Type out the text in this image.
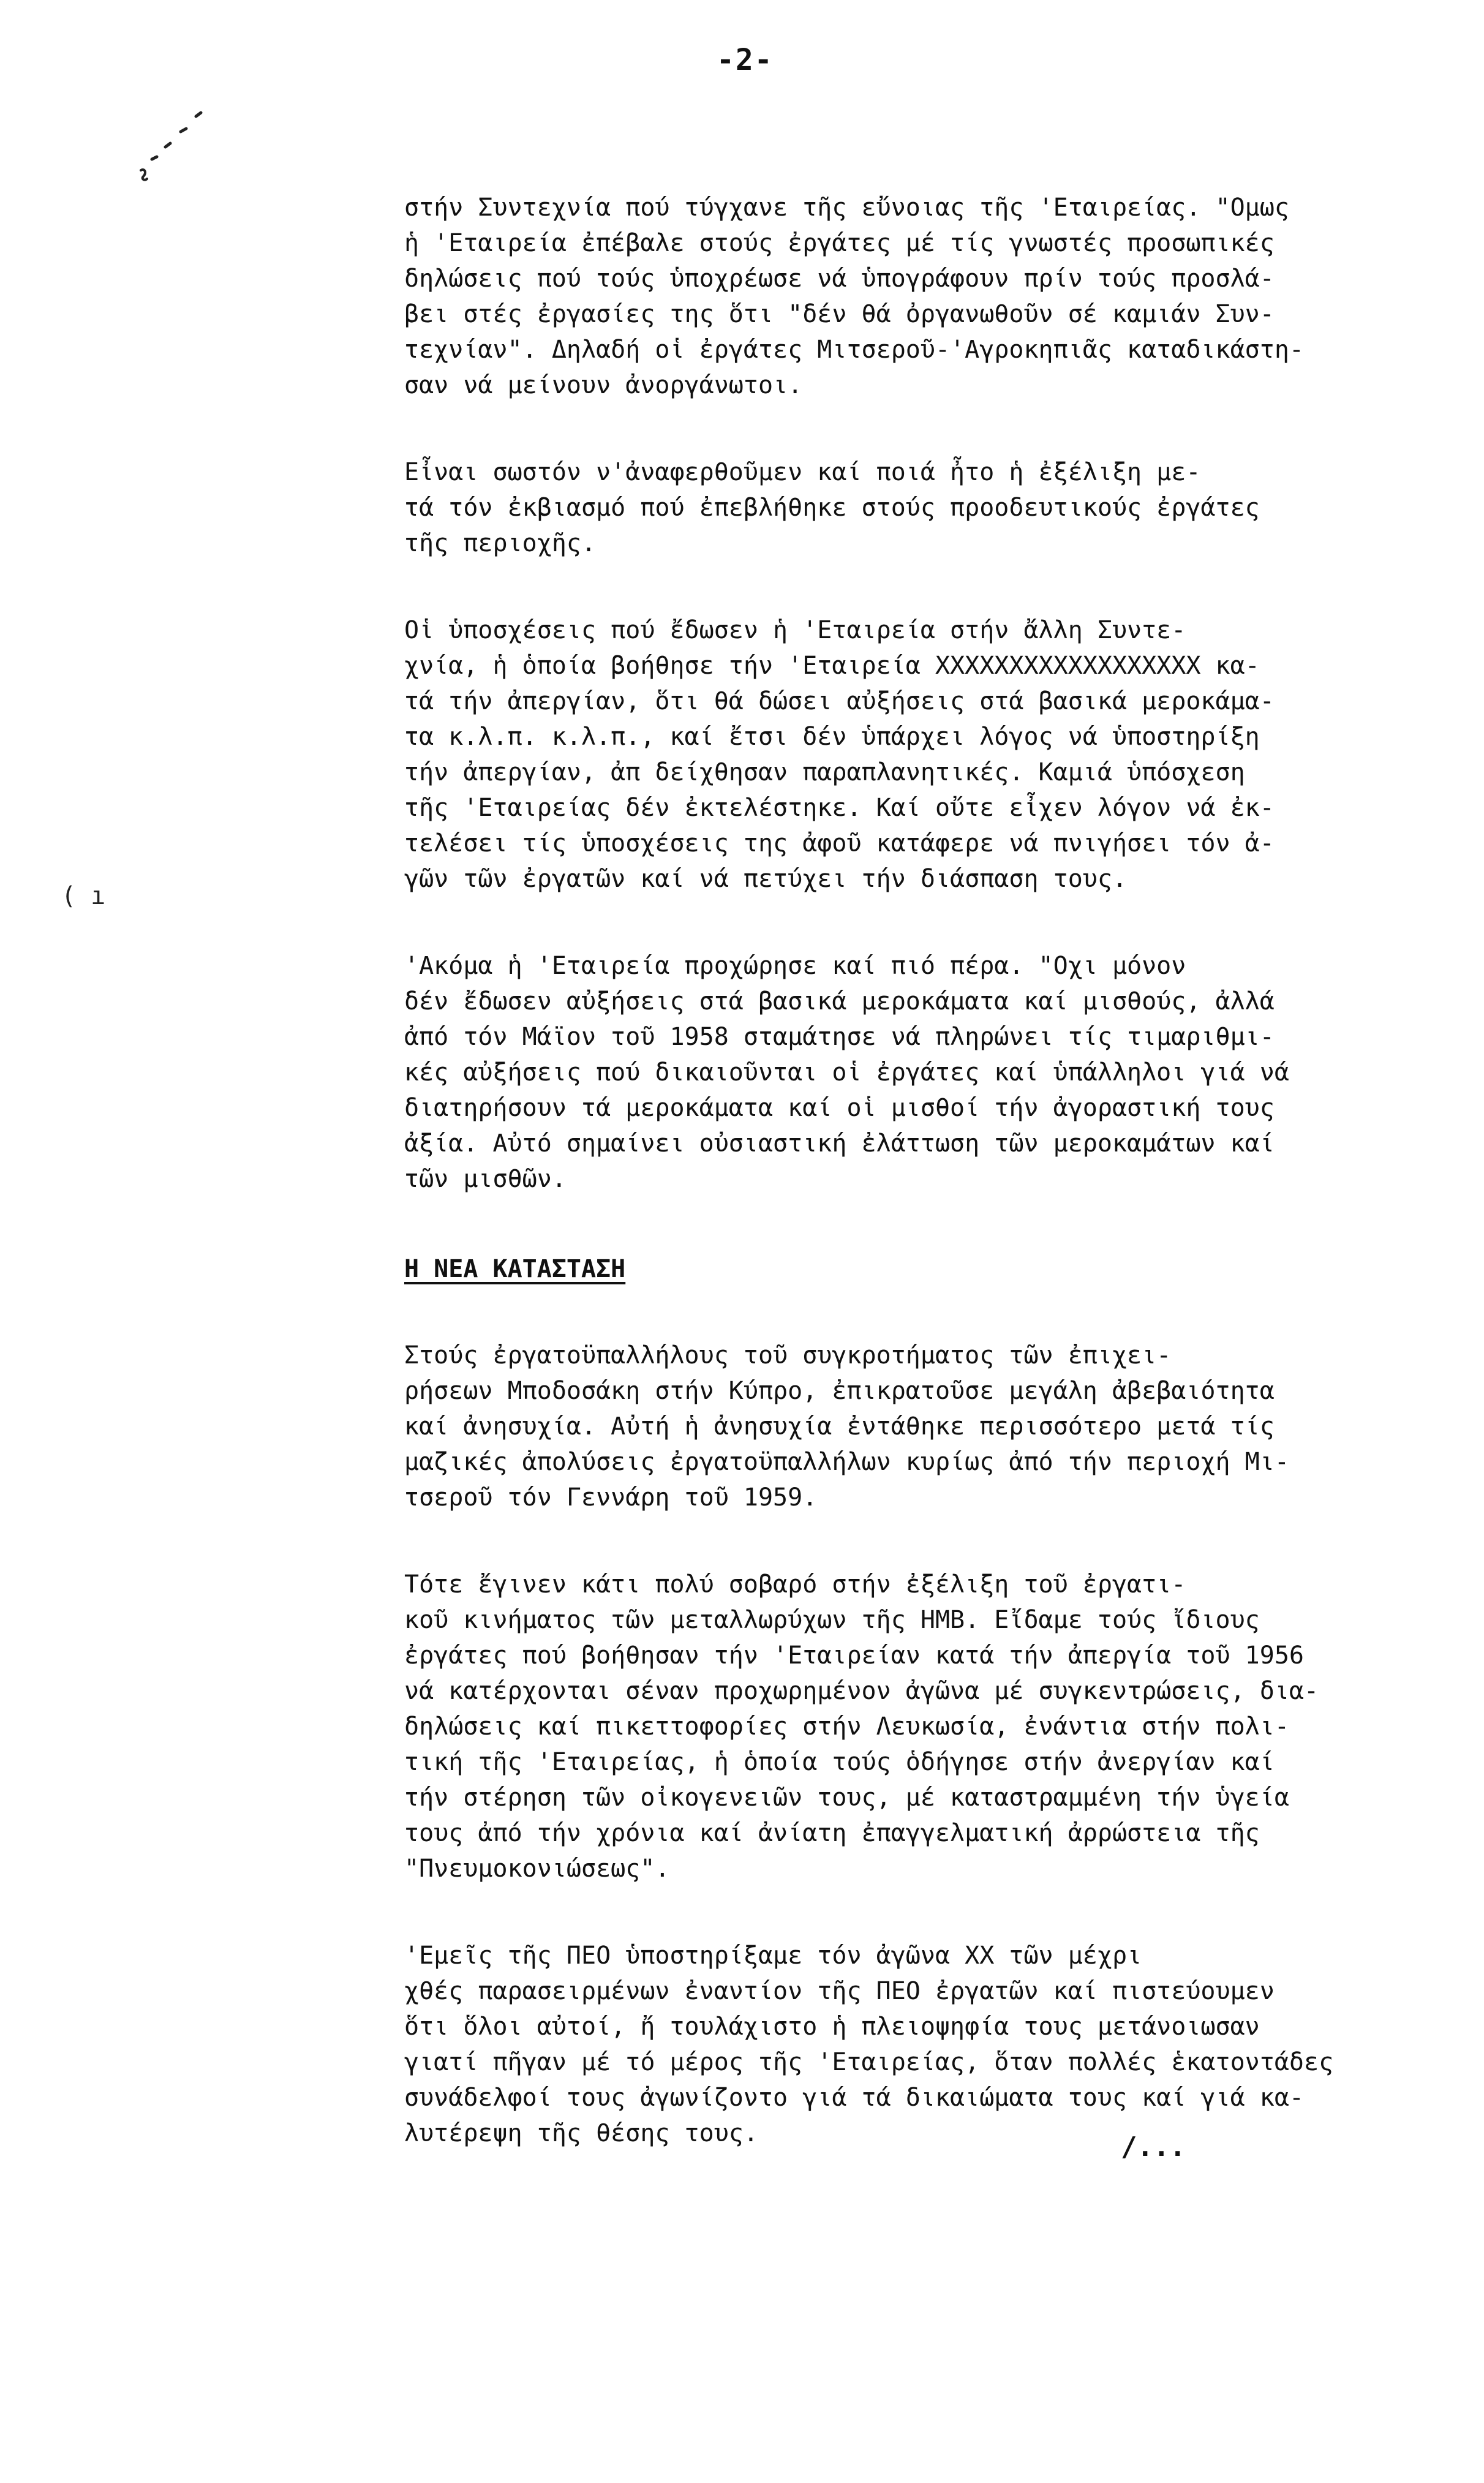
-2-
( ı

στήν Συντεχνία πού τύγχανε τῆς εὔνοιας τῆς 'Εταιρείας. "Ομως
ἡ 'Εταιρεία ἐπέβαλε στούς ἐργάτες μέ τίς γνωστές προσωπικές
δηλώσεις πού τούς ὑποχρέωσε νά ὑπογράφουν πρίν τούς προσλά-
βει στές ἐργασίες της ὅτι "δέν θά ὀργανωθοῦν σέ καμιάν Συν-
τεχνίαν". Δηλαδή οἱ ἐργάτες Μιτσεροῦ-'Αγροκηπιᾶς καταδικάστη-
σαν νά μείνουν ἀνοργάνωτοι.

Εἶναι σωστόν ν'ἀναφερθοῦμεν καί ποιά ἦτο ἡ ἐξέλιξη με-
τά τόν ἐκβιασμό πού ἐπεβλήθηκε στούς προοδευτικούς ἐργάτες
τῆς περιοχῆς.

Οἱ ὑποσχέσεις πού ἔδωσεν ἡ 'Εταιρεία στήν ἄλλη Συντε-
χνία, ἡ ὁποία βοήθησε τήν 'Εταιρεία XXXXXXXXXXXXXXXXXX κα-
τά τήν ἀπεργίαν, ὅτι θά δώσει αὐξήσεις στά βασικά μεροκάμα-
τα κ.λ.π. κ.λ.π., καί ἔτσι δέν ὑπάρχει λόγος νά ὑποστηρίξη
τήν ἀπεργίαν, ἀπ δείχθησαν παραπλανητικές. Καμιά ὑπόσχεση
τῆς 'Εταιρείας δέν ἐκτελέστηκε. Καί οὔτε εἶχεν λόγον νά ἐκ-
τελέσει τίς ὑποσχέσεις της ἀφοῦ κατάφερε νά πνιγήσει τόν ἀ-
γῶν τῶν ἐργατῶν καί νά πετύχει τήν διάσπαση τους.

'Ακόμα ἡ 'Εταιρεία προχώρησε καί πιό πέρα. "Οχι μόνον
δέν ἔδωσεν αὐξήσεις στά βασικά μεροκάματα καί μισθούς, ἀλλά
ἀπό τόν Μάϊον τοῦ 1958 σταμάτησε νά πληρώνει τίς τιμαριθμι-
κές αὐξήσεις πού δικαιοῦνται οἱ ἐργάτες καί ὑπάλληλοι γιά νά
διατηρήσουν τά μεροκάματα καί οἱ μισθοί τήν ἀγοραστική τους
ἀξία. Αὐτό σημαίνει οὐσιαστική ἐλάττωση τῶν μεροκαμάτων καί
τῶν μισθῶν.

Η ΝΕΑ ΚΑΤΑΣΤΑΣΗ

Στούς ἐργατοϋπαλλήλους τοῦ συγκροτήματος τῶν ἐπιχει-
ρήσεων Μποδοσάκη στήν Κύπρο, ἐπικρατοῦσε μεγάλη ἀβεβαιότητα
καί ἀνησυχία. Αὐτή ἡ ἀνησυχία ἐντάθηκε περισσότερο μετά τίς
μαζικές ἀπολύσεις ἐργατοϋπαλλήλων κυρίως ἀπό τήν περιοχή Μι-
τσεροῦ τόν Γεννάρη τοῦ 1959.

Τότε ἔγινεν κάτι πολύ σοβαρό στήν ἐξέλιξη τοῦ ἐργατι-
κοῦ κινήματος τῶν μεταλλωρύχων τῆς ΗΜΒ. Εἴδαμε τούς ἴδιους
ἐργάτες πού βοήθησαν τήν 'Εταιρείαν κατά τήν ἀπεργία τοῦ 1956
νά κατέρχονται σέναν προχωρημένον ἀγῶνα μέ συγκεντρώσεις, δια-
δηλώσεις καί πικεττοφορίες στήν Λευκωσία, ἐνάντια στήν πολι-
τική τῆς 'Εταιρείας, ἡ ὁποία τούς ὁδήγησε στήν ἀνεργίαν καί
τήν στέρηση τῶν οἰκογενειῶν τους, μέ καταστραμμένη τήν ὑγεία
τους ἀπό τήν χρόνια καί ἀνίατη ἐπαγγελματική ἀρρώστεια τῆς
"Πνευμοκονιώσεως".

'Εμεῖς τῆς ΠΕΟ ὑποστηρίξαμε τόν ἀγῶνα ΧΧ τῶν μέχρι
χθές παρασειρμένων ἐναντίον τῆς ΠΕΟ ἐργατῶν καί πιστεύουμεν
ὅτι ὅλοι αὐτοί, ἤ τουλάχιστο ἡ πλειοψηφία τους μετάνοιωσαν
γιατί πῆγαν μέ τό μέρος τῆς 'Εταιρείας, ὅταν πολλές ἑκατοντάδες
συνάδελφοί τους ἀγωνίζοντο γιά τά δικαιώματα τους καί γιά κα-
λυτέρεψη τῆς θέσης τους.	/...
